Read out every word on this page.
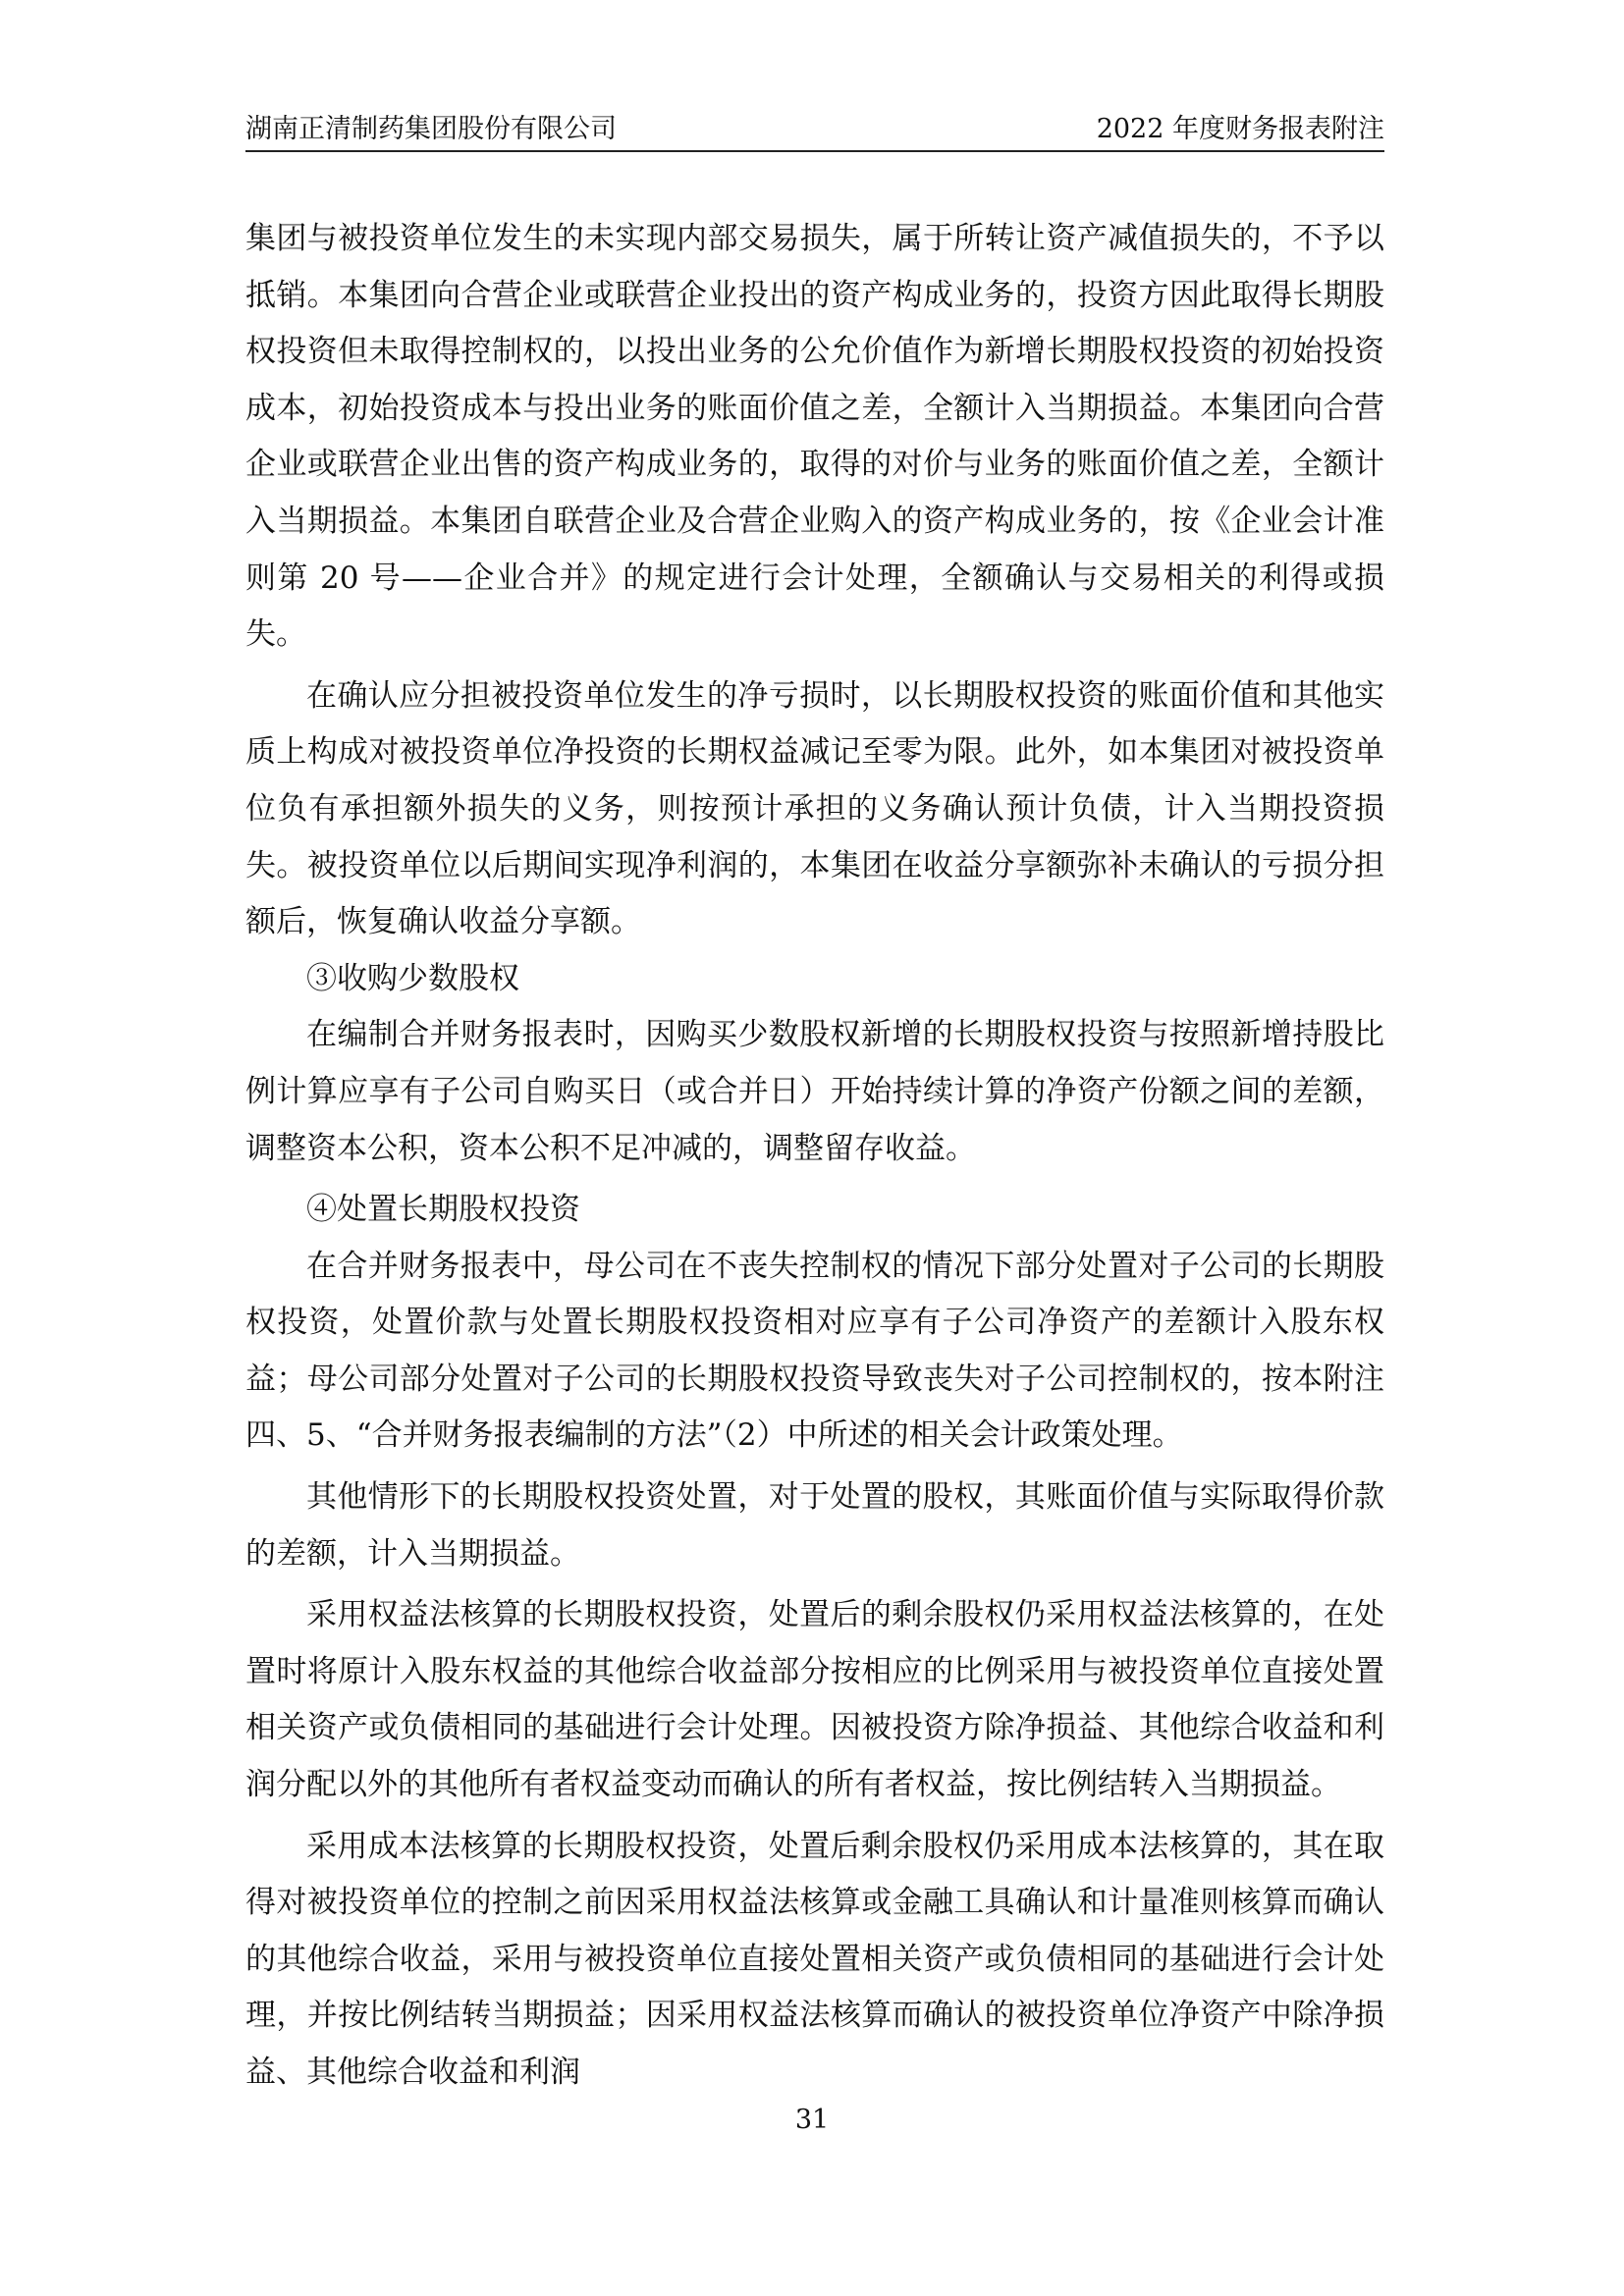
湖南正清制药集团股份有限公司	2022 年度财务报表附注

集团与被投资单位发生的未实现内部交易损失，属于所转让资产减值损失的，不予以抵销。本集团向合营企业或联营企业投出的资产构成业务的，投资方因此取得长期股权投资但未取得控制权的，以投出业务的公允价值作为新增长期股权投资的初始投资成本，初始投资成本与投出业务的账面价值之差，全额计入当期损益。本集团向合营企业或联营企业出售的资产构成业务的，取得的对价与业务的账面价值之差，全额计入当期损益。本集团自联营企业及合营企业购入的资产构成业务的，按《企业会计准则第 20 号——企业合并》的规定进行会计处理，全额确认与交易相关的利得或损失。

在确认应分担被投资单位发生的净亏损时，以长期股权投资的账面价值和其他实质上构成对被投资单位净投资的长期权益减记至零为限。此外，如本集团对被投资单位负有承担额外损失的义务，则按预计承担的义务确认预计负债，计入当期投资损失。被投资单位以后期间实现净利润的，本集团在收益分享额弥补未确认的亏损分担额后，恢复确认收益分享额。

③收购少数股权

在编制合并财务报表时，因购买少数股权新增的长期股权投资与按照新增持股比例计算应享有子公司自购买日（或合并日）开始持续计算的净资产份额之间的差额，调整资本公积，资本公积不足冲减的，调整留存收益。

④处置长期股权投资

在合并财务报表中，母公司在不丧失控制权的情况下部分处置对子公司的长期股权投资，处置价款与处置长期股权投资相对应享有子公司净资产的差额计入股东权益；母公司部分处置对子公司的长期股权投资导致丧失对子公司控制权的，按本附注四、5、“合并财务报表编制的方法”（2）中所述的相关会计政策处理。

其他情形下的长期股权投资处置，对于处置的股权，其账面价值与实际取得价款的差额，计入当期损益。

采用权益法核算的长期股权投资，处置后的剩余股权仍采用权益法核算的，在处置时将原计入股东权益的其他综合收益部分按相应的比例采用与被投资单位直接处置相关资产或负债相同的基础进行会计处理。因被投资方除净损益、其他综合收益和利润分配以外的其他所有者权益变动而确认的所有者权益，按比例结转入当期损益。

采用成本法核算的长期股权投资，处置后剩余股权仍采用成本法核算的，其在取得对被投资单位的控制之前因采用权益法核算或金融工具确认和计量准则核算而确认的其他综合收益，采用与被投资单位直接处置相关资产或负债相同的基础进行会计处理，并按比例结转当期损益；因采用权益法核算而确认的被投资单位净资产中除净损益、其他综合收益和利润

31
